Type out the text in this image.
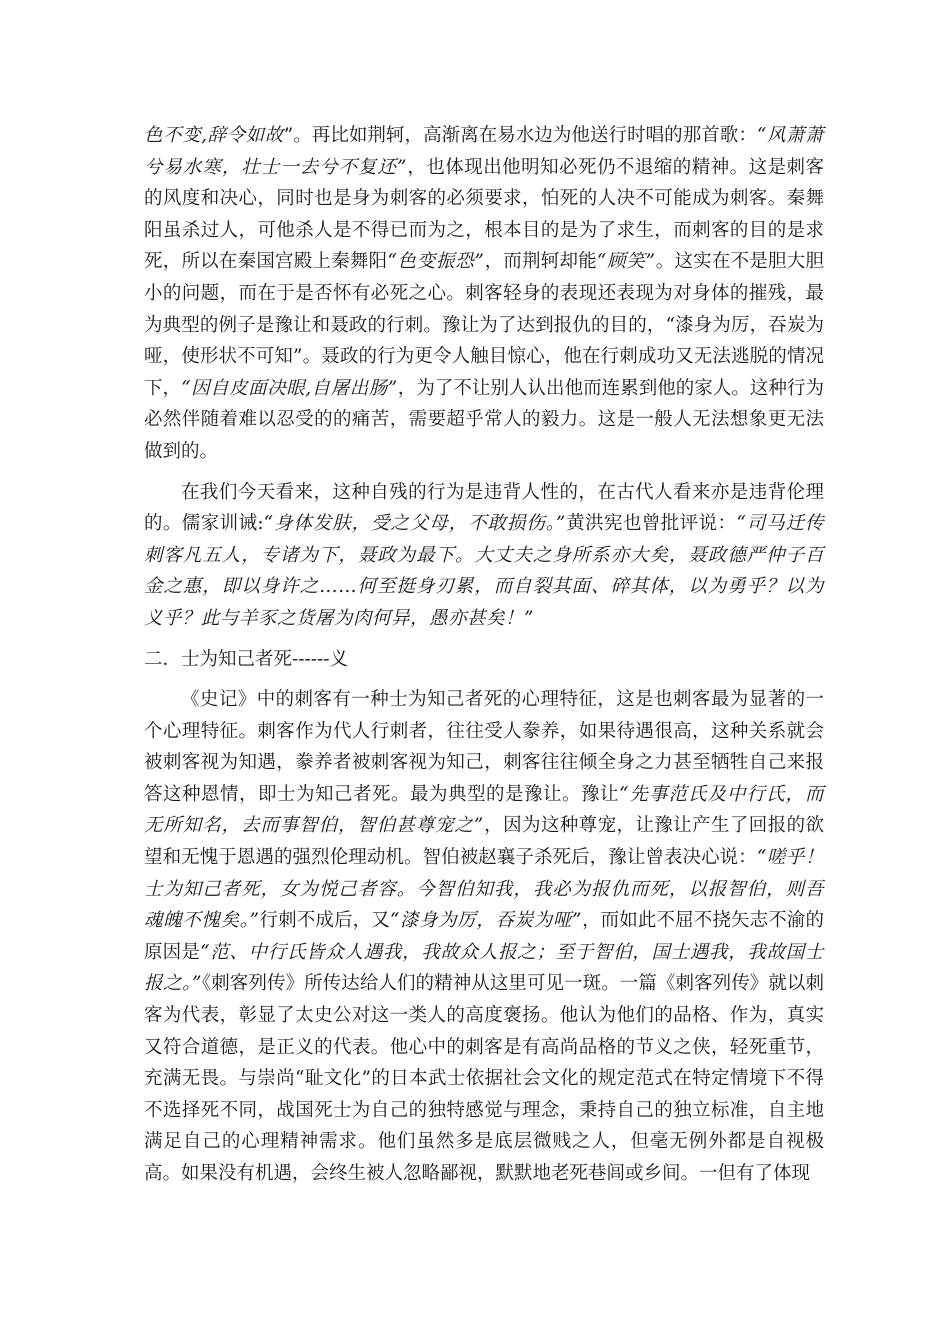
色不变,辞令如故”。再比如荆轲，高渐离在易水边为他送行时唱的那首歌：“风萧萧兮易水寒，壮士一去兮不复还”，也体现出他明知必死仍不退缩的精神。这是刺客的风度和决心，同时也是身为刺客的必须要求，怕死的人决不可能成为刺客。秦舞阳虽杀过人，可他杀人是不得已而为之，根本目的是为了求生，而刺客的目的是求死，所以在秦国宫殿上秦舞阳“色变振恐”，而荆轲却能“顾笑”。这实在不是胆大胆小的问题，而在于是否怀有必死之心。刺客轻身的表现还表现为对身体的摧残，最为典型的例子是豫让和聂政的行刺。豫让为了达到报仇的目的，“漆身为厉，吞炭为哑，使形状不可知”。聂政的行为更令人触目惊心，他在行刺成功又无法逃脱的情况下，“因自皮面决眼,自屠出肠”，为了不让别人认出他而连累到他的家人。这种行为必然伴随着难以忍受的的痛苦，需要超乎常人的毅力。这是一般人无法想象更无法做到的。

在我们今天看来，这种自残的行为是违背人性的，在古代人看来亦是违背伦理的。儒家训诫:“身体发肤，受之父母，不敢损伤。”黄洪宪也曾批评说：“司马迁传刺客凡五人，专诸为下，聂政为最下。大丈夫之身所系亦大矣，聂政德严仲子百金之惠，即以身许之……何至挺身刃累，而自裂其面、碎其体，以为勇乎？以为义乎？此与羊豕之货屠为肉何异，愚亦甚矣！”

二．士为知己者死------义

《史记》中的刺客有一种士为知己者死的心理特征，这是也刺客最为显著的一个心理特征。刺客作为代人行刺者，往往受人豢养，如果待遇很高，这种关系就会被刺客视为知遇，豢养者被刺客视为知己，刺客往往倾全身之力甚至牺牲自己来报答这种恩情，即士为知己者死。最为典型的是豫让。豫让“先事范氏及中行氏，而无所知名，去而事智伯，智伯甚尊宠之”，因为这种尊宠，让豫让产生了回报的欲望和无愧于恩遇的强烈伦理动机。智伯被赵襄子杀死后，豫让曾表决心说：“嗟乎！士为知己者死，女为悦己者容。今智伯知我，我必为报仇而死，以报智伯，则吾魂魄不愧矣。”行刺不成后，又“漆身为厉，吞炭为哑”，而如此不屈不挠矢志不渝的原因是“范、中行氏皆众人遇我，我故众人报之；至于智伯，国士遇我，我故国士报之。”《刺客列传》所传达给人们的精神从这里可见一斑。一篇《刺客列传》就以刺客为代表，彰显了太史公对这一类人的高度褒扬。他认为他们的品格、作为，真实又符合道德，是正义的代表。他心中的刺客是有高尚品格的节义之侠，轻死重节，充满无畏。与崇尚“耻文化”的日本武士依据社会文化的规定范式在特定情境下不得不选择死不同，战国死士为自己的独特感觉与理念，秉持自己的独立标准，自主地满足自己的心理精神需求。他们虽然多是底层微贱之人，但毫无例外都是自视极高。如果没有机遇，会终生被人忽略鄙视，默默地老死巷闾或乡间。一但有了体现
